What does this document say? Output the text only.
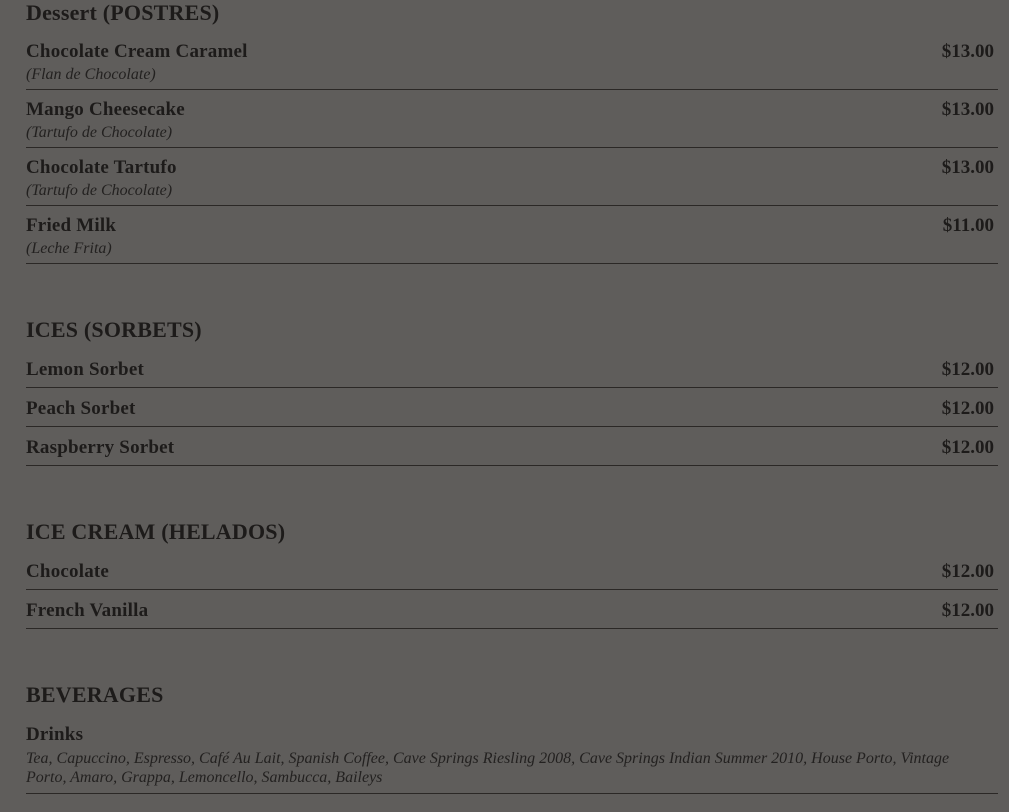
Dessert (POSTRES)
Chocolate Cream Caramel	$13.00
(Flan de Chocolate)
Mango Cheesecake	$13.00
(Tartufo de Chocolate)
Chocolate Tartufo	$13.00
(Tartufo de Chocolate)
Fried Milk	$11.00
(Leche Frita)
ICES (SORBETS)
Lemon Sorbet	$12.00
Peach Sorbet	$12.00
Raspberry Sorbet	$12.00
ICE CREAM (HELADOS)
Chocolate	$12.00
French Vanilla	$12.00
BEVERAGES
Drinks
Tea, Capuccino, Espresso, Café Au Lait, Spanish Coffee, Cave Springs Riesling 2008, Cave Springs Indian Summer 2010, House Porto, Vintage Porto, Amaro, Grappa, Lemoncello, Sambucca, Baileys
